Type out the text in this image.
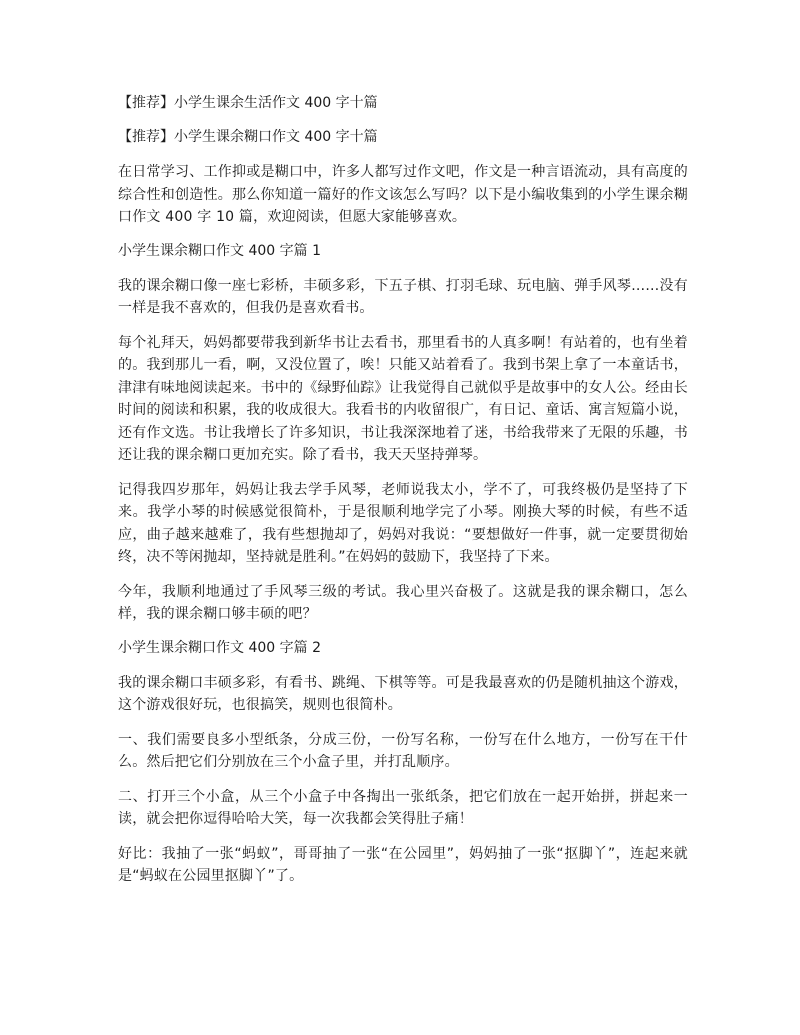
【推荐】小学生课余生活作文 400 字十篇
【推荐】小学生课余糊口作文 400 字十篇
在日常学习、工作抑或是糊口中，许多人都写过作文吧，作文是一种言语流动，具有高度的综合性和创造性。那么你知道一篇好的作文该怎么写吗？以下是小编收集到的小学生课余糊口作文 400 字 10 篇，欢迎阅读，但愿大家能够喜欢。
小学生课余糊口作文 400 字篇 1
我的课余糊口像一座七彩桥，丰硕多彩，下五子棋、打羽毛球、玩电脑、弹手风琴……没有一样是我不喜欢的，但我仍是喜欢看书。
每个礼拜天，妈妈都要带我到新华书让去看书，那里看书的人真多啊！有站着的，也有坐着的。我到那儿一看，啊，又没位置了，唉！只能又站着看了。我到书架上拿了一本童话书，津津有味地阅读起来。书中的《绿野仙踪》让我觉得自己就似乎是故事中的女人公。经由长时间的阅读和积累，我的收成很大。我看书的内收留很广，有日记、童话、寓言短篇小说，还有作文选。书让我增长了许多知识，书让我深深地着了迷，书给我带来了无限的乐趣，书还让我的课余糊口更加充实。除了看书，我天天坚持弹琴。
记得我四岁那年，妈妈让我去学手风琴，老师说我太小，学不了，可我终极仍是坚持了下来。我学小琴的时候感觉很简朴，于是很顺利地学完了小琴。刚换大琴的时候，有些不适应，曲子越来越难了，我有些想抛却了，妈妈对我说：“要想做好一件事，就一定要贯彻始终，决不等闲抛却，坚持就是胜利。”在妈妈的鼓励下，我坚持了下来。
今年，我顺利地通过了手风琴三级的考试。我心里兴奋极了。这就是我的课余糊口，怎么样，我的课余糊口够丰硕的吧？
小学生课余糊口作文 400 字篇 2
我的课余糊口丰硕多彩，有看书、跳绳、下棋等等。可是我最喜欢的仍是随机抽这个游戏，这个游戏很好玩，也很搞笑，规则也很简朴。
一、我们需要良多小型纸条，分成三份，一份写名称，一份写在什么地方，一份写在干什么。然后把它们分别放在三个小盒子里，并打乱顺序。
二、打开三个小盒，从三个小盒子中各掏出一张纸条，把它们放在一起开始拼，拼起来一读，就会把你逗得哈哈大笑，每一次我都会笑得肚子痛！
好比：我抽了一张“蚂蚁”，哥哥抽了一张“在公园里”，妈妈抽了一张“抠脚丫”，连起来就是“蚂蚁在公园里抠脚丫”了。
